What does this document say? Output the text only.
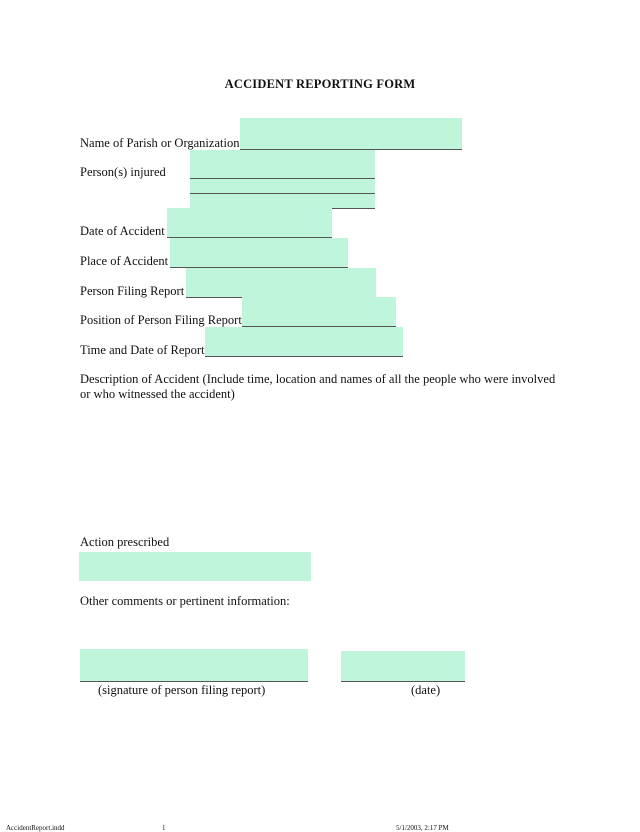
ACCIDENT REPORTING FORM
Name of Parish or Organization
Person(s) injured
Date of Accident
Place of Accident
Person Filing Report
Position of Person Filing Report
Time and Date of Report
Description of Accident (Include time, location and names of all the people who were involved or who witnessed the accident)
Action prescribed
Other comments or pertinent information:
(signature of person filing report)	(date)
AccidentReport.indd	1	5/1/2003, 2:17 PM
